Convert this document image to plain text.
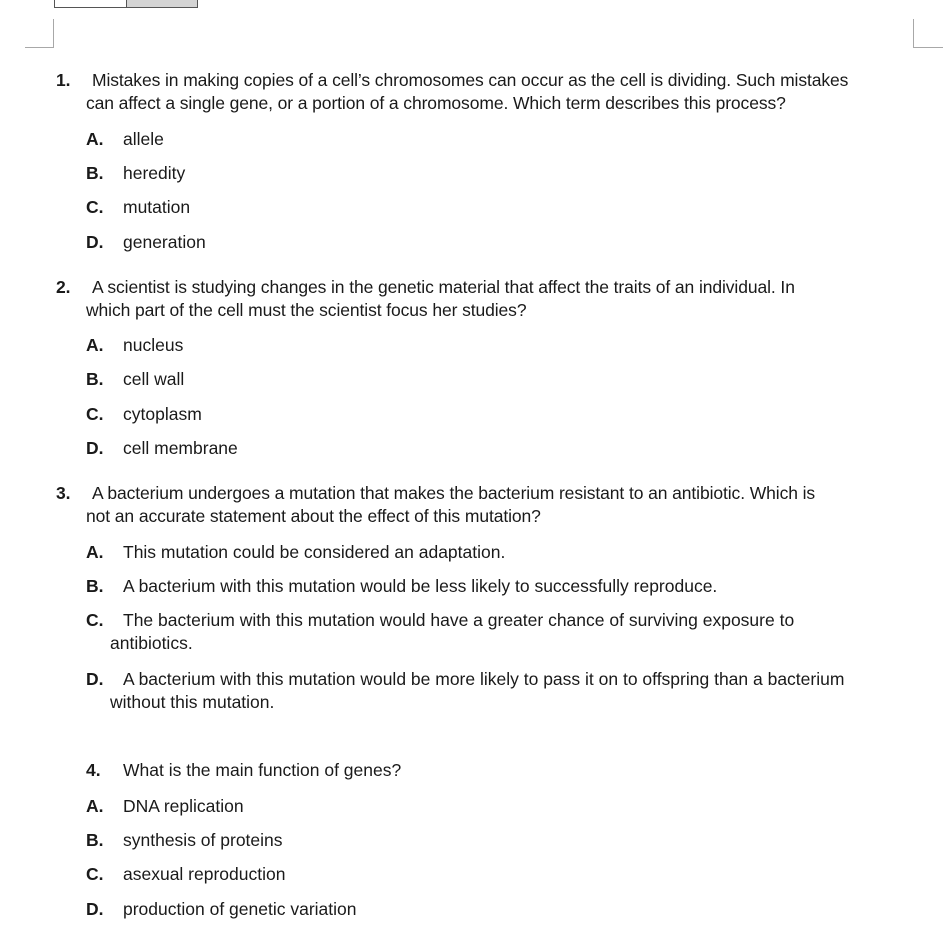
1. Mistakes in making copies of a cell’s chromosomes can occur as the cell is dividing. Such mistakes
can affect a single gene, or a portion of a chromosome. Which term describes this process?
A. allele
B. heredity
C. mutation
D. generation
2. A scientist is studying changes in the genetic material that affect the traits of an individual. In
which part of the cell must the scientist focus her studies?
A. nucleus
B. cell wall
C. cytoplasm
D. cell membrane
3. A bacterium undergoes a mutation that makes the bacterium resistant to an antibiotic. Which is
not an accurate statement about the effect of this mutation?
A. This mutation could be considered an adaptation.
B. A bacterium with this mutation would be less likely to successfully reproduce.
C. The bacterium with this mutation would have a greater chance of surviving exposure to
antibiotics.
D. A bacterium with this mutation would be more likely to pass it on to offspring than a bacterium
without this mutation.
4. What is the main function of genes?
A. DNA replication
B. synthesis of proteins
C. asexual reproduction
D. production of genetic variation
